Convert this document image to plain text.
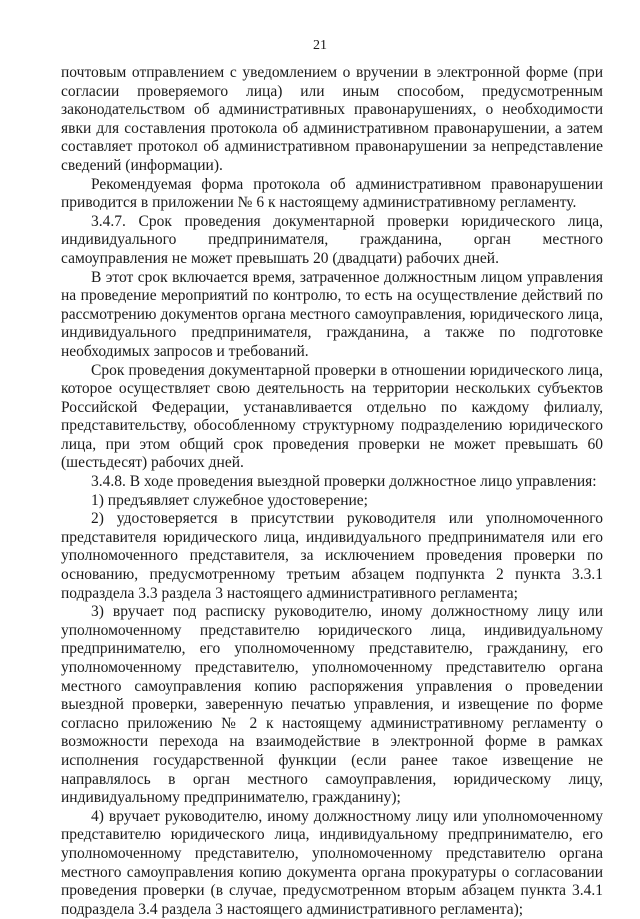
21
почтовым отправлением с уведомлением о вручении в электронной форме (при
согласии проверяемого лица) или иным способом, предусмотренным
законодательством об административных правонарушениях, о необходимости
явки для составления протокола об административном правонарушении, а затем
составляет протокол об административном правонарушении за непредставление
сведений (информации).
Рекомендуемая форма протокола об административном правонарушении
приводится в приложении № 6 к настоящему административному регламенту.
3.4.7. Срок проведения документарной проверки юридического лица,
индивидуального предпринимателя, гражданина, орган местного
самоуправления не может превышать 20 (двадцати) рабочих дней.
В этот срок включается время, затраченное должностным лицом управления
на проведение мероприятий по контролю, то есть на осуществление действий по
рассмотрению документов органа местного самоуправления, юридического лица,
индивидуального предпринимателя, гражданина, а также по подготовке
необходимых запросов и требований.
Срок проведения документарной проверки в отношении юридического лица,
которое осуществляет свою деятельность на территории нескольких субъектов
Российской Федерации, устанавливается отдельно по каждому филиалу,
представительству, обособленному структурному подразделению юридического
лица, при этом общий срок проведения проверки не может превышать 60
(шестьдесят) рабочих дней.
3.4.8. В ходе проведения выездной проверки должностное лицо управления:
1) предъявляет служебное удостоверение;
2) удостоверяется в присутствии руководителя или уполномоченного
представителя юридического лица, индивидуального предпринимателя или его
уполномоченного представителя, за исключением проведения проверки по
основанию, предусмотренному третьим абзацем подпункта 2 пункта 3.3.1
подраздела 3.3 раздела 3 настоящего административного регламента;
3) вручает под расписку руководителю, иному должностному лицу или
уполномоченному представителю юридического лица, индивидуальному
предпринимателю, его уполномоченному представителю, гражданину, его
уполномоченному представителю, уполномоченному представителю органа
местного самоуправления копию распоряжения управления о проведении
выездной проверки, заверенную печатью управления, и извещение по форме
согласно приложению № 2 к настоящему административному регламенту о
возможности перехода на взаимодействие в электронной форме в рамках
исполнения государственной функции (если ранее такое извещение не
направлялось в орган местного самоуправления, юридическому лицу,
индивидуальному предпринимателю, гражданину);
4) вручает руководителю, иному должностному лицу или уполномоченному
представителю юридического лица, индивидуальному предпринимателю, его
уполномоченному представителю, уполномоченному представителю органа
местного самоуправления копию документа органа прокуратуры о согласовании
проведения проверки (в случае, предусмотренном вторым абзацем пункта 3.4.1
подраздела 3.4 раздела 3 настоящего административного регламента);
